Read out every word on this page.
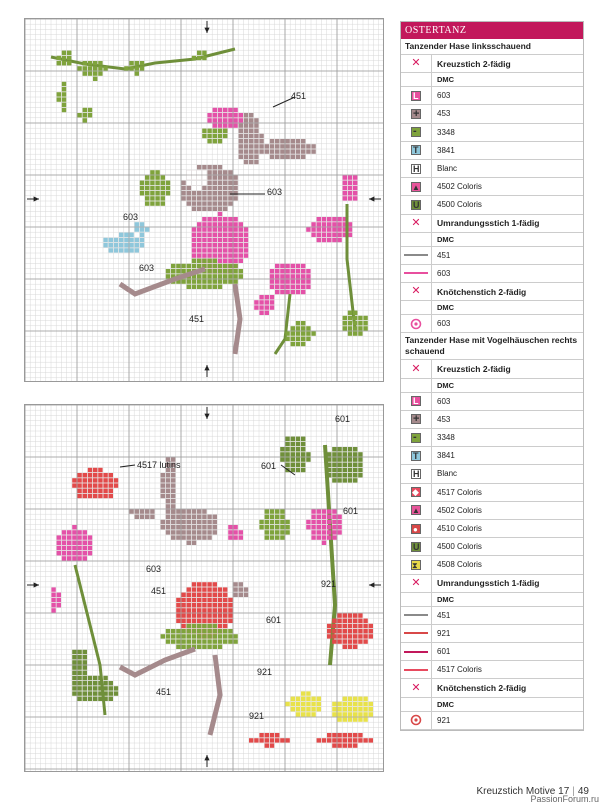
451
603
603
603
451
4517 lutins
601
601
601
603
451
921
601
451
921
921
OSTERTANZ
Tanzender Hase linksschauend
✕	Kreuzstich 2-fädig
DMC
L	603
+	453
-	3348
T	3841
H	Blanc
▲	4502 Coloris
U	4500 Coloris
✕	Umrandungsstich 1-fädig
DMC
451
603
✕	Knötchenstich 2-fädig
DMC
603
Tanzender Hase mit Vogelhäuschen rechts schauend
✕	Kreuzstich 2-fädig
DMC
L	603
+	453
-	3348
T	3841
H	Blanc
◆	4517 Coloris
▲	4502 Coloris
●	4510 Coloris
U	4500 Coloris
⧗	4508 Coloris
✕	Umrandungsstich 1-fädig
DMC
451
921
601
4517 Coloris
✕	Knötchenstich 2-fädig
DMC
921
Kreuzstich Motive 17 | 49
PassionForum.ru
